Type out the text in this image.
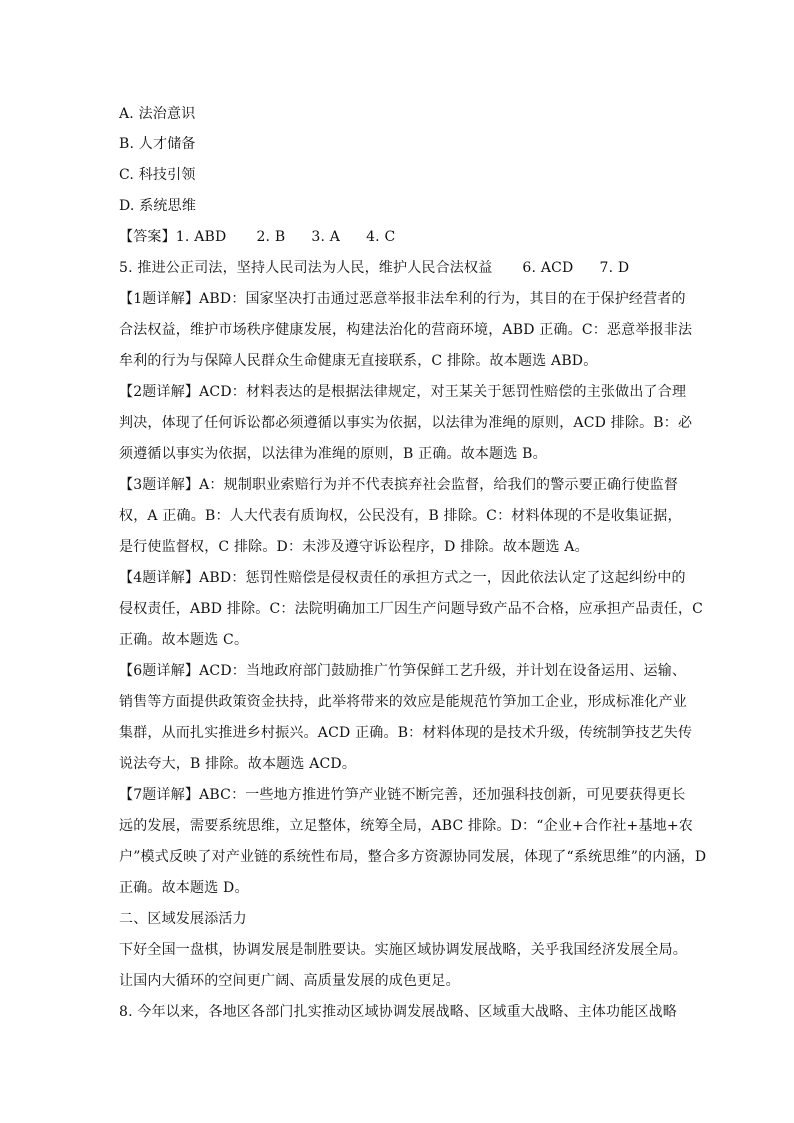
A. 法治意识
B. 人才储备
C. 科技引领
D. 系统思维
【答案】1. ABD 2. B 3. A 4. C
5. 推进公正司法，坚持人民司法为人民，维护人民合法权益 6. ACD 7. D
【1题详解】ABD：国家坚决打击通过恶意举报非法牟利的行为，其目的在于保护经营者的
合法权益，维护市场秩序健康发展，构建法治化的营商环境，ABD 正确。C：恶意举报非法
牟利的行为与保障人民群众生命健康无直接联系，C 排除。故本题选 ABD。
【2题详解】ACD：材料表达的是根据法律规定，对王某关于惩罚性赔偿的主张做出了合理
判决，体现了任何诉讼都必须遵循以事实为依据，以法律为准绳的原则，ACD 排除。B：必
须遵循以事实为依据，以法律为准绳的原则，B 正确。故本题选 B。
【3题详解】A：规制职业索赔行为并不代表摈弃社会监督，给我们的警示要正确行使监督
权，A 正确。B：人大代表有质询权，公民没有，B 排除。C：材料体现的不是收集证据，
是行使监督权，C 排除。D：未涉及遵守诉讼程序，D 排除。故本题选 A。
【4题详解】ABD：惩罚性赔偿是侵权责任的承担方式之一，因此依法认定了这起纠纷中的
侵权责任，ABD 排除。C：法院明确加工厂因生产问题导致产品不合格，应承担产品责任，C
正确。故本题选 C。
【6题详解】ACD：当地政府部门鼓励推广竹笋保鲜工艺升级，并计划在设备运用、运输、
销售等方面提供政策资金扶持，此举将带来的效应是能规范竹笋加工企业，形成标准化产业
集群，从而扎实推进乡村振兴。ACD 正确。B：材料体现的是技术升级，传统制笋技艺失传
说法夸大，B 排除。故本题选 ACD。
【7题详解】ABC：一些地方推进竹笋产业链不断完善，还加强科技创新，可见要获得更长
远的发展，需要系统思维，立足整体，统筹全局，ABC 排除。D：“企业+合作社+基地+农
户”模式反映了对产业链的系统性布局，整合多方资源协同发展，体现了“系统思维”的内涵，D
正确。故本题选 D。
二、区域发展添活力
下好全国一盘棋，协调发展是制胜要诀。实施区域协调发展战略，关乎我国经济发展全局。
让国内大循环的空间更广阔、高质量发展的成色更足。
8. 今年以来，各地区各部门扎实推动区域协调发展战略、区域重大战略、主体功能区战略
